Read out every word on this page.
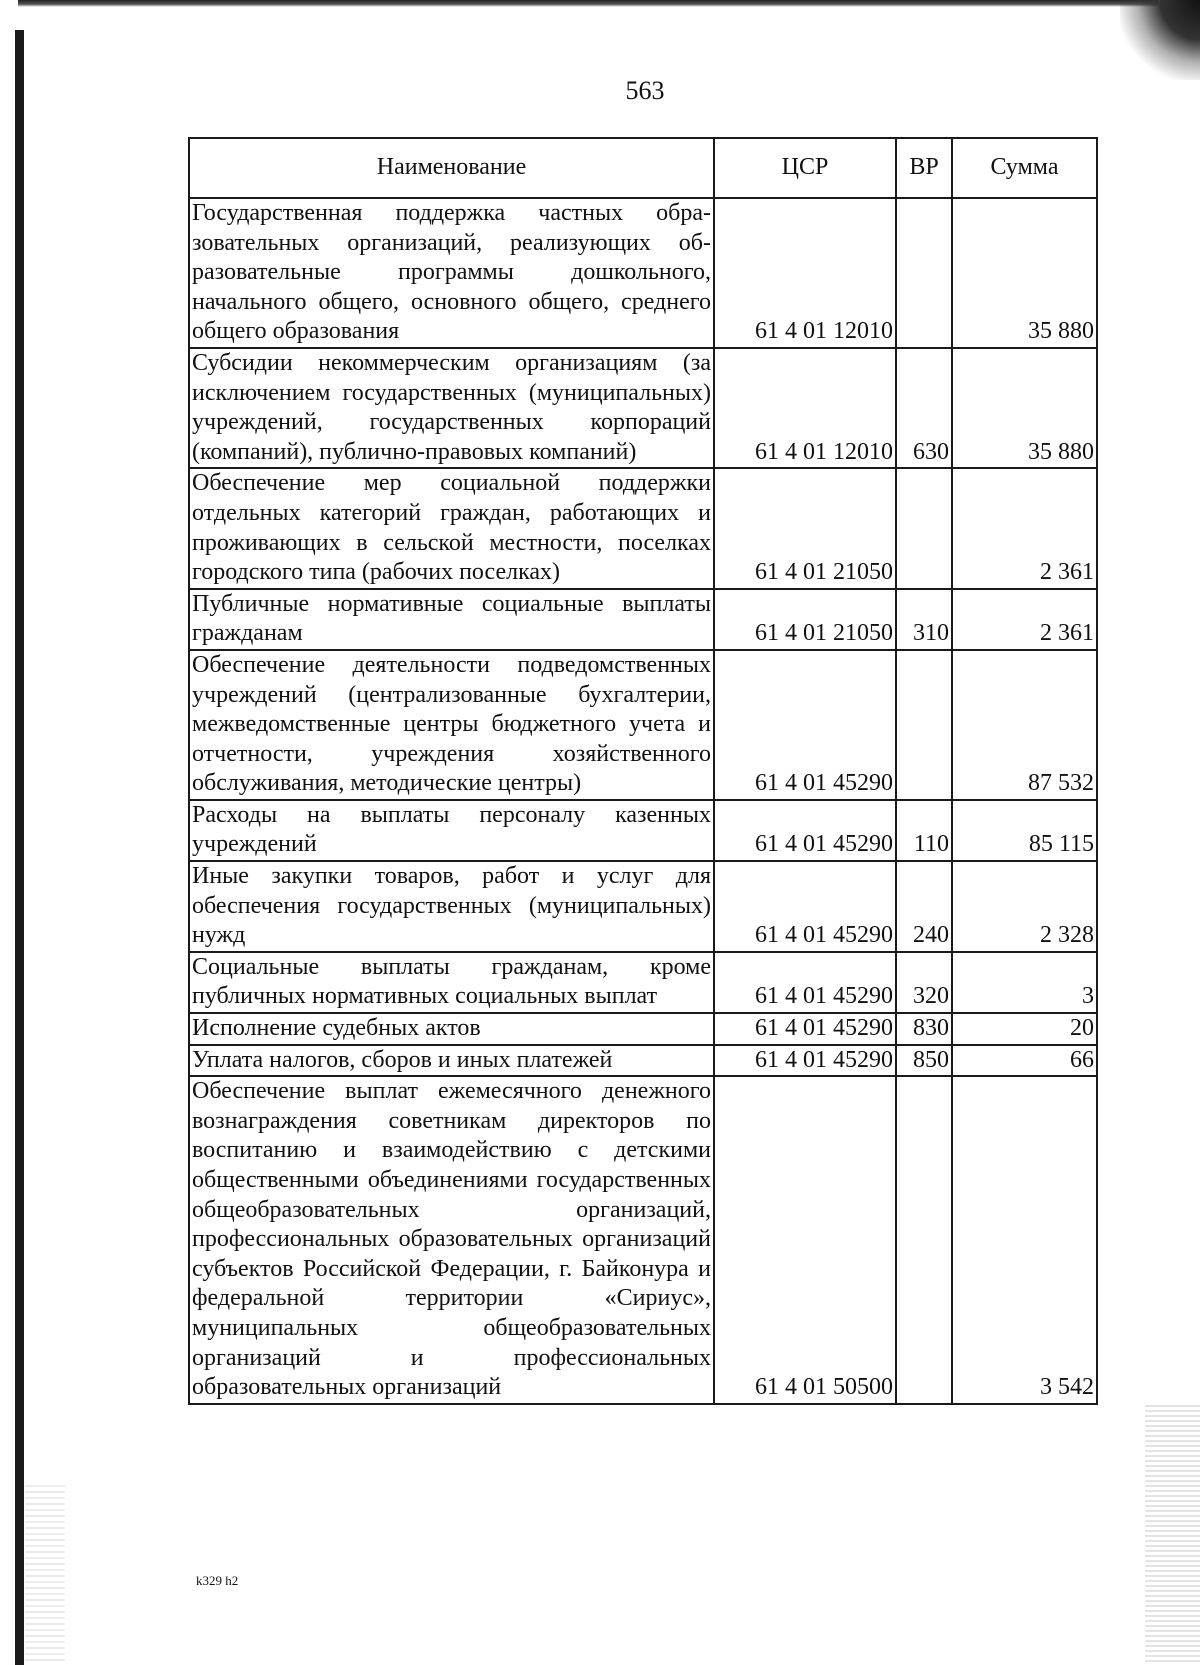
563
Наименование	ЦСР	ВР	Сумма
Государственная поддержка частных образовательных организаций, реализующих образовательные программы дошкольного, начального общего, основного общего, среднего общего образования	61 4 01 12010		35 880
Субсидии некоммерческим организациям (за исключением государственных (муниципальных) учреждений, государственных корпораций (компаний), публично-правовых компаний)	61 4 01 12010	630	35 880
Обеспечение мер социальной поддержки отдельных категорий граждан, работающих и проживающих в сельской местности, поселках городского типа (рабочих поселках)	61 4 01 21050		2 361
Публичные нормативные социальные выплаты гражданам	61 4 01 21050	310	2 361
Обеспечение деятельности подведомственных учреждений (централизованные бухгалтерии, межведомственные центры бюджетного учета и отчетности, учреждения хозяйственного обслуживания, методические центры)	61 4 01 45290		87 532
Расходы на выплаты персоналу казенных учреждений	61 4 01 45290	110	85 115
Иные закупки товаров, работ и услуг для обеспечения государственных (муниципальных) нужд	61 4 01 45290	240	2 328
Социальные выплаты гражданам, кроме публичных нормативных социальных выплат	61 4 01 45290	320	3
Исполнение судебных актов	61 4 01 45290	830	20
Уплата налогов, сборов и иных платежей	61 4 01 45290	850	66
Обеспечение выплат ежемесячного денежного вознаграждения советникам директоров по воспитанию и взаимодействию с детскими общественными объединениями государственных общеобразовательных организаций, профессиональных образовательных организаций субъектов Российской Федерации, г. Байконура и федеральной территории «Сириус», муниципальных общеобразовательных организаций и профессиональных образовательных организаций	61 4 01 50500		3 542
k329 h2
